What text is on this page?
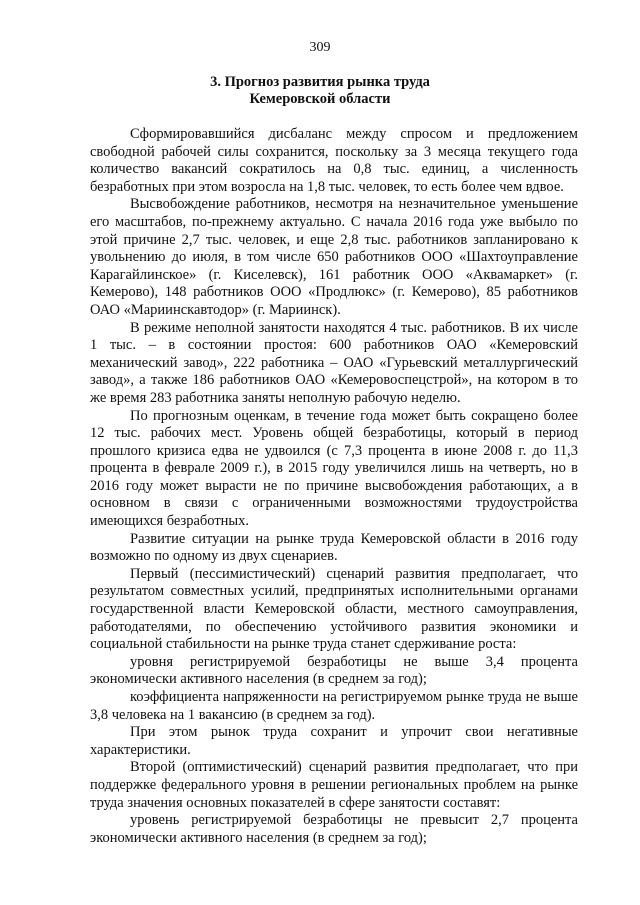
309
3. Прогноз развития рынка труда
Кемеровской области

Сформировавшийся дисбаланс между спросом и предложением свободной рабочей силы сохранится, поскольку за 3 месяца текущего года количество вакансий сократилось на 0,8 тыс. единиц, а численность безработных при этом возросла на 1,8 тыс. человек, то есть более чем вдвое.

Высвобождение работников, несмотря на незначительное уменьшение его масштабов, по-прежнему актуально. С начала 2016 года уже выбыло по этой причине 2,7 тыс. человек, и еще 2,8 тыс. работников запланировано к увольнению до июля, в том числе 650 работников ООО «Шахтоуправление Карагайлинское» (г. Киселевск), 161 работник ООО «Аквамаркет» (г. Кемерово), 148 работников ООО «Продлюкс» (г. Кемерово), 85 работников ОАО «Мариинскавтодор» (г. Мариинск).

В режиме неполной занятости находятся 4 тыс. работников. В их числе 1 тыс. – в состоянии простоя: 600 работников ОАО «Кемеровский механический завод», 222 работника – ОАО «Гурьевский металлургический завод», а также 186 работников ОАО «Кемеровоспецстрой», на котором в то же время 283 работника заняты неполную рабочую неделю.

По прогнозным оценкам, в течение года может быть сокращено более 12 тыс. рабочих мест. Уровень общей безработицы, который в период прошлого кризиса едва не удвоился (с 7,3 процента в июне 2008 г. до 11,3 процента в феврале 2009 г.), в 2015 году увеличился лишь на четверть, но в 2016 году может вырасти не по причине высвобождения работающих, а в основном в связи с ограниченными возможностями трудоустройства имеющихся безработных.

Развитие ситуации на рынке труда Кемеровской области в 2016 году возможно по одному из двух сценариев.

Первый (пессимистический) сценарий развития предполагает, что результатом совместных усилий, предпринятых исполнительными органами государственной власти Кемеровской области, местного самоуправления, работодателями, по обеспечению устойчивого развития экономики и социальной стабильности на рынке труда станет сдерживание роста:

уровня регистрируемой безработицы не выше 3,4 процента экономически активного населения (в среднем за год);

коэффициента напряженности на регистрируемом рынке труда не выше 3,8 человека на 1 вакансию (в среднем за год).

При этом рынок труда сохранит и упрочит свои негативные характеристики.

Второй (оптимистический) сценарий развития предполагает, что при поддержке федерального уровня в решении региональных проблем на рынке труда значения основных показателей в сфере занятости составят:

уровень регистрируемой безработицы не превысит 2,7 процента экономически активного населения (в среднем за год);
